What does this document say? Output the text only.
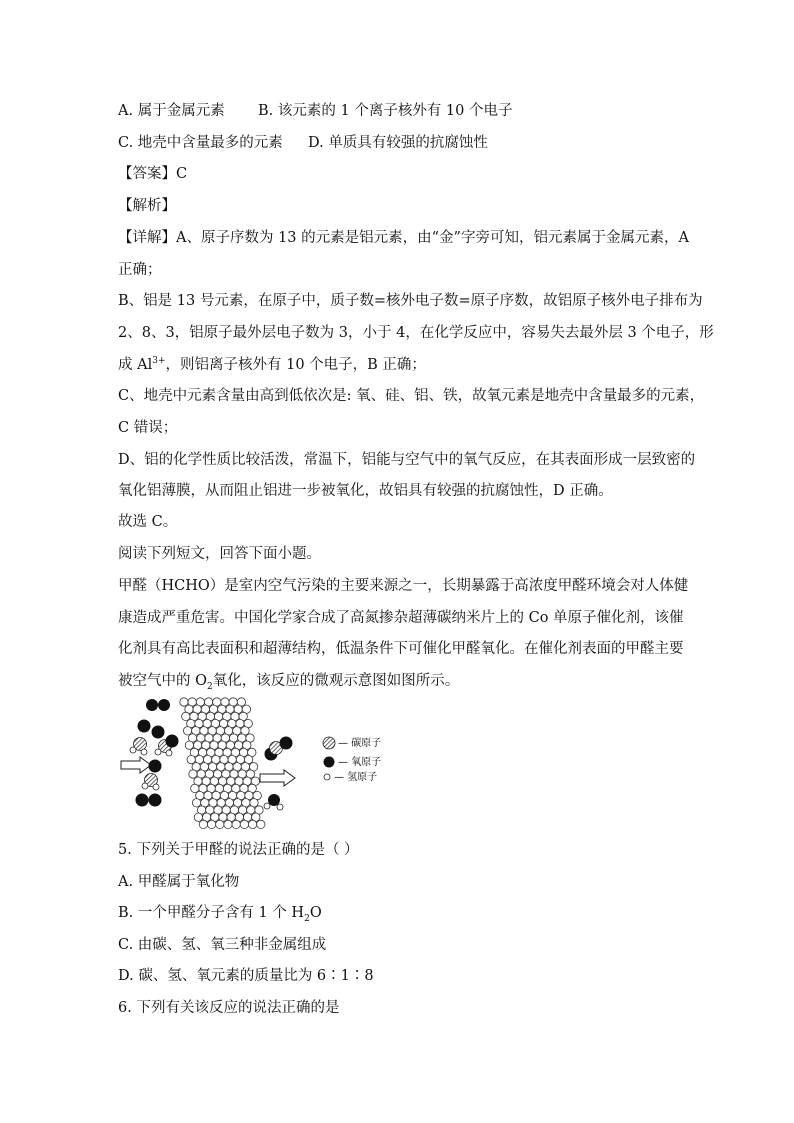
A. 属于金属元素 B. 该元素的 1 个离子核外有 10 个电子
C. 地壳中含量最多的元素 D. 单质具有较强的抗腐蚀性
【答案】C
【解析】
【详解】A、原子序数为 13 的元素是铝元素，由“金”字旁可知，铝元素属于金属元素，A
正确；
B、铝是 13 号元素，在原子中，质子数=核外电子数=原子序数，故铝原子核外电子排布为
2、8、3，铝原子最外层电子数为 3，小于 4，在化学反应中，容易失去最外层 3 个电子，形
成 $Al^{3+}$，则铝离子核外有 10 个电子，B 正确；
C、地壳中元素含量由高到低依次是: 氧、硅、铝、铁，故氧元素是地壳中含量最多的元素，
C 错误；
D、铝的化学性质比较活泼，常温下，铝能与空气中的氧气反应，在其表面形成一层致密的
氧化铝薄膜，从而阻止铝进一步被氧化，故铝具有较强的抗腐蚀性，D 正确。
故选 C。
阅读下列短文，回答下面小题。
甲醛（HCHO）是室内空气污染的主要来源之一，长期暴露于高浓度甲醛环境会对人体健
康造成严重危害。中国化学家合成了高氮掺杂超薄碳纳米片上的 Co 单原子催化剂，该催
化剂具有高比表面积和超薄结构，低温条件下可催化甲醛氧化。在催化剂表面的甲醛主要
被空气中的 $O_2$氧化，该反应的微观示意图如图所示。
— 碳原子
— 氧原子
— 氢原子
5. 下列关于甲醛的说法正确的是（ ）
A. 甲醛属于氧化物
B. 一个甲醛分子含有 1 个 $H_2O$
C. 由碳、氢、氧三种非金属组成
D. 碳、氢、氧元素的质量比为 6∶1∶8
6. 下列有关该反应的说法正确的是
